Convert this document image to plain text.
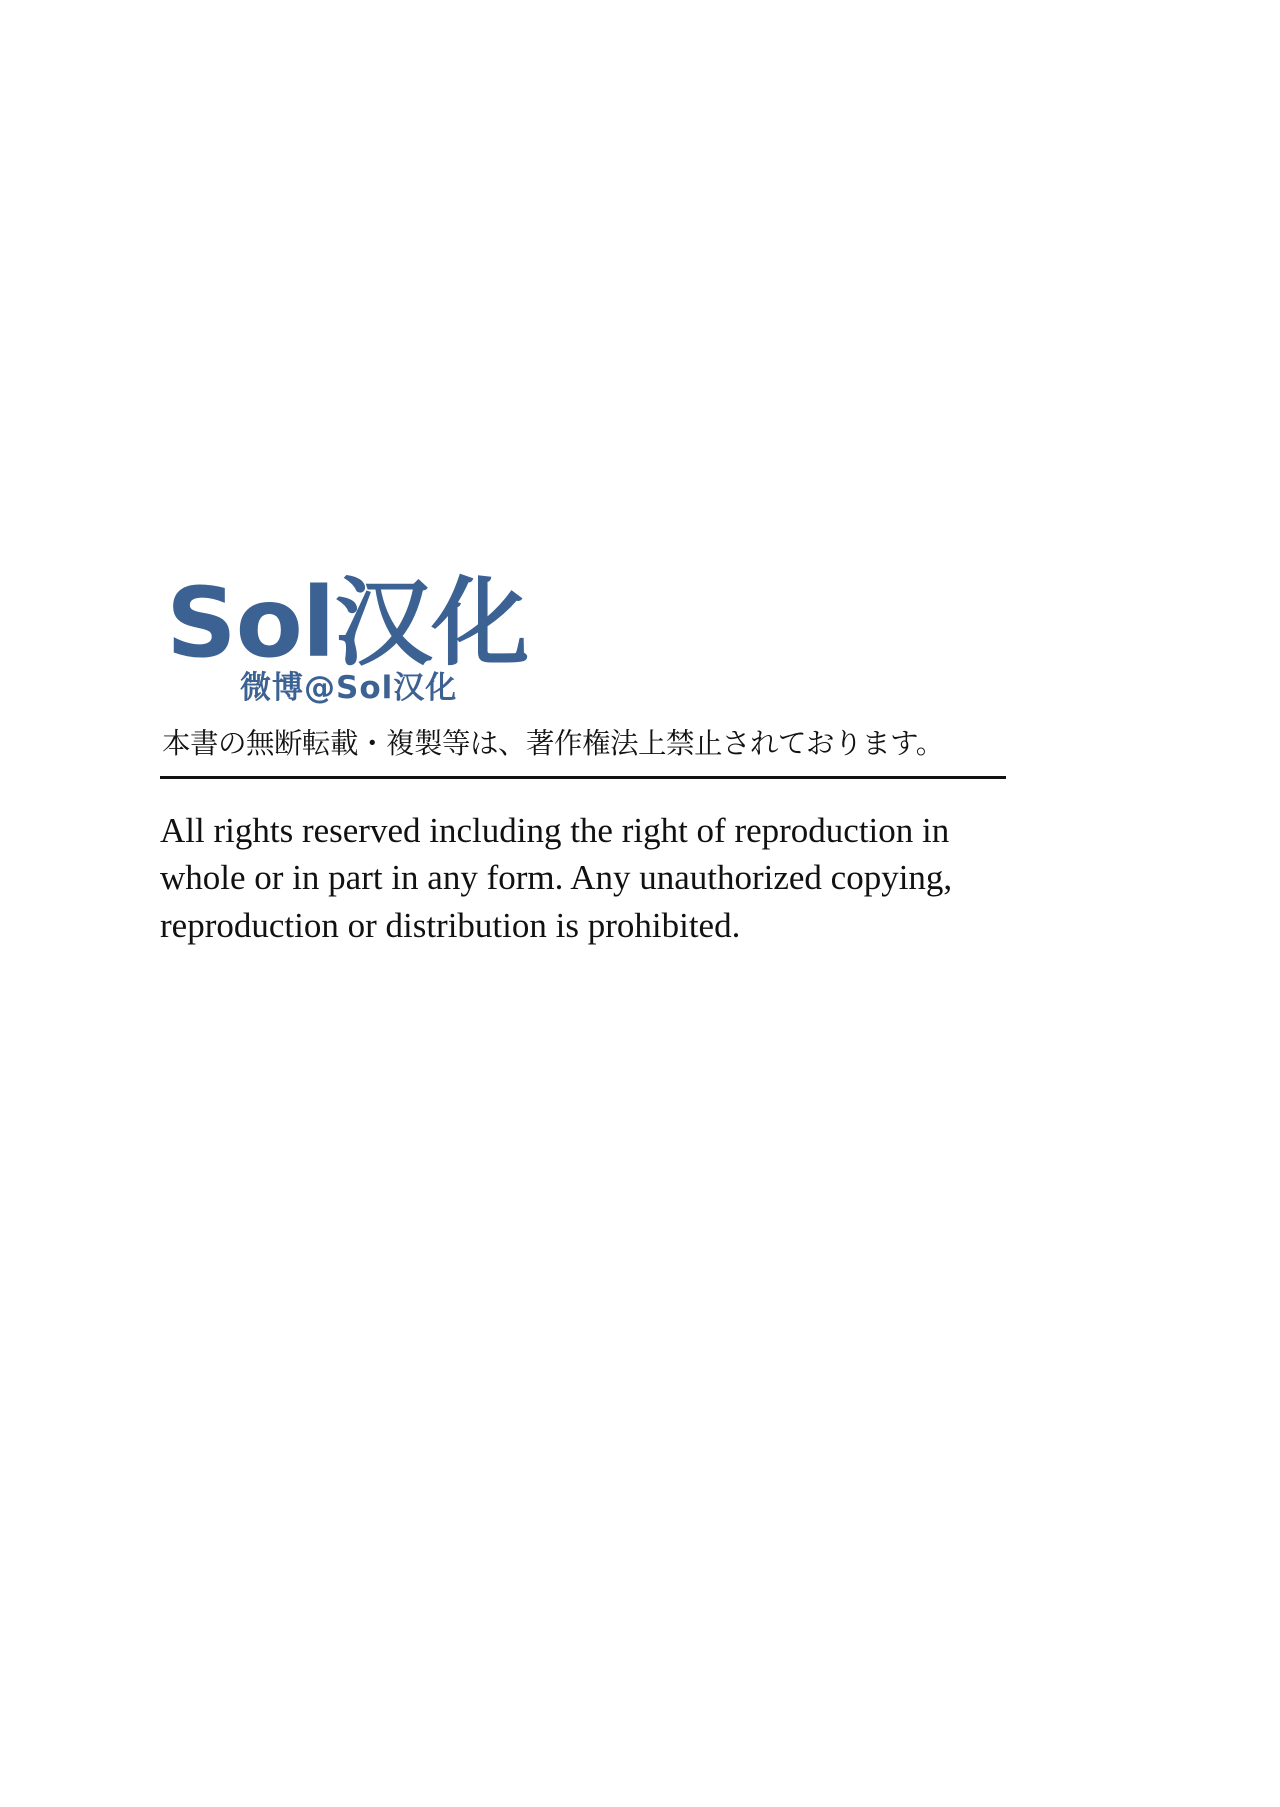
Sol汉化
微博@Sol汉化

本書の無断転載・複製等は、著作権法上禁止されております。

All rights reserved including the right of reproduction in whole or in part in any form. Any unauthorized copying, reproduction or distribution is prohibited.
